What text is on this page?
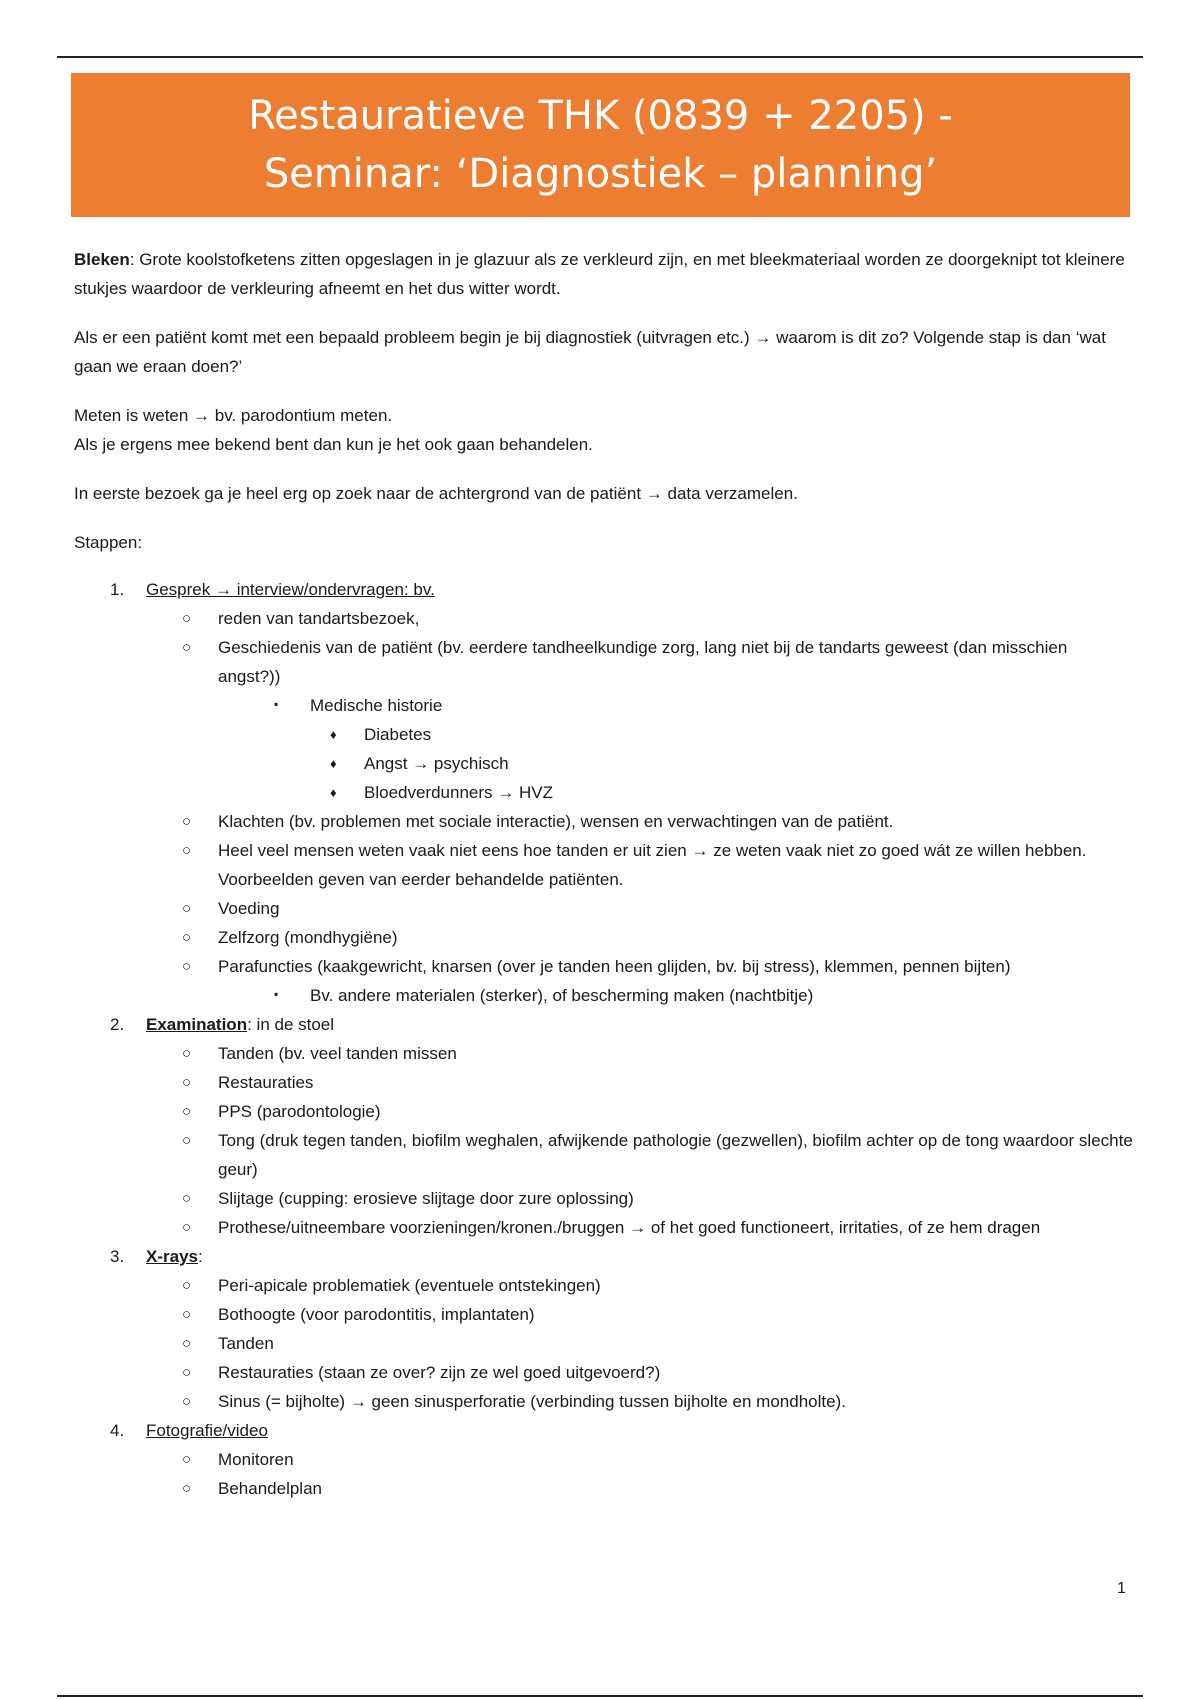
Restauratieve THK (0839 + 2205) -
Seminar: ‘Diagnostiek – planning’

Bleken: Grote koolstofketens zitten opgeslagen in je glazuur als ze verkleurd zijn, en met bleekmateriaal worden ze doorgeknipt tot kleinere stukjes waardoor de verkleuring afneemt en het dus witter wordt.

Als er een patiënt komt met een bepaald probleem begin je bij diagnostiek (uitvragen etc.) → waarom is dit zo? Volgende stap is dan ‘wat gaan we eraan doen?’

Meten is weten → bv. parodontium meten.

Als je ergens mee bekend bent dan kun je het ook gaan behandelen.

In eerste bezoek ga je heel erg op zoek naar de achtergrond van de patiënt → data verzamelen.

Stappen:

1. Gesprek → interview/ondervragen: bv.
○ reden van tandartsbezoek,
○ Geschiedenis van de patiënt (bv. eerdere tandheelkundige zorg, lang niet bij de tandarts geweest (dan misschien angst?))
▪ Medische historie
♦ Diabetes
♦ Angst → psychisch
♦ Bloedverdunners → HVZ
○ Klachten (bv. problemen met sociale interactie), wensen en verwachtingen van de patiënt.
○ Heel veel mensen weten vaak niet eens hoe tanden er uit zien → ze weten vaak niet zo goed wát ze willen hebben. Voorbeelden geven van eerder behandelde patiënten.
○ Voeding
○ Zelfzorg (mondhygiëne)
○ Parafuncties (kaakgewricht, knarsen (over je tanden heen glijden, bv. bij stress), klemmen, pennen bijten)
▪ Bv. andere materialen (sterker), of bescherming maken (nachtbitje)
2. Examination: in de stoel
○ Tanden (bv. veel tanden missen
○ Restauraties
○ PPS (parodontologie)
○ Tong (druk tegen tanden, biofilm weghalen, afwijkende pathologie (gezwellen), biofilm achter op de tong waardoor slechte geur)
○ Slijtage (cupping: erosieve slijtage door zure oplossing)
○ Prothese/uitneembare voorzieningen/kronen./bruggen → of het goed functioneert, irritaties, of ze hem dragen
3. X-rays:
○ Peri-apicale problematiek (eventuele ontstekingen)
○ Bothoogte (voor parodontitis, implantaten)
○ Tanden
○ Restauraties (staan ze over? zijn ze wel goed uitgevoerd?)
○ Sinus (= bijholte) → geen sinusperforatie (verbinding tussen bijholte en mondholte).
4. Fotografie/video
○ Monitoren
○ Behandelplan
1
